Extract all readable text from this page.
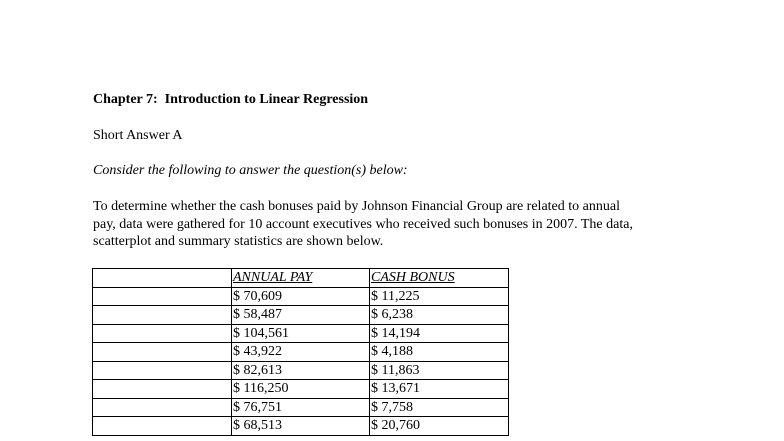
Chapter 7:  Introduction to Linear Regression
Short Answer A
Consider the following to answer the question(s) below:
To determine whether the cash bonuses paid by Johnson Financial Group are related to annual
pay, data were gathered for 10 account executives who received such bonuses in 2007. The data,
scatterplot and summary statistics are shown below.
	ANNUAL PAY	CASH BONUS
	$ 70,609	$ 11,225
	$ 58,487	$ 6,238
	$ 104,561	$ 14,194
	$ 43,922	$ 4,188
	$ 82,613	$ 11,863
	$ 116,250	$ 13,671
	$ 76,751	$ 7,758
	$ 68,513	$ 20,760
